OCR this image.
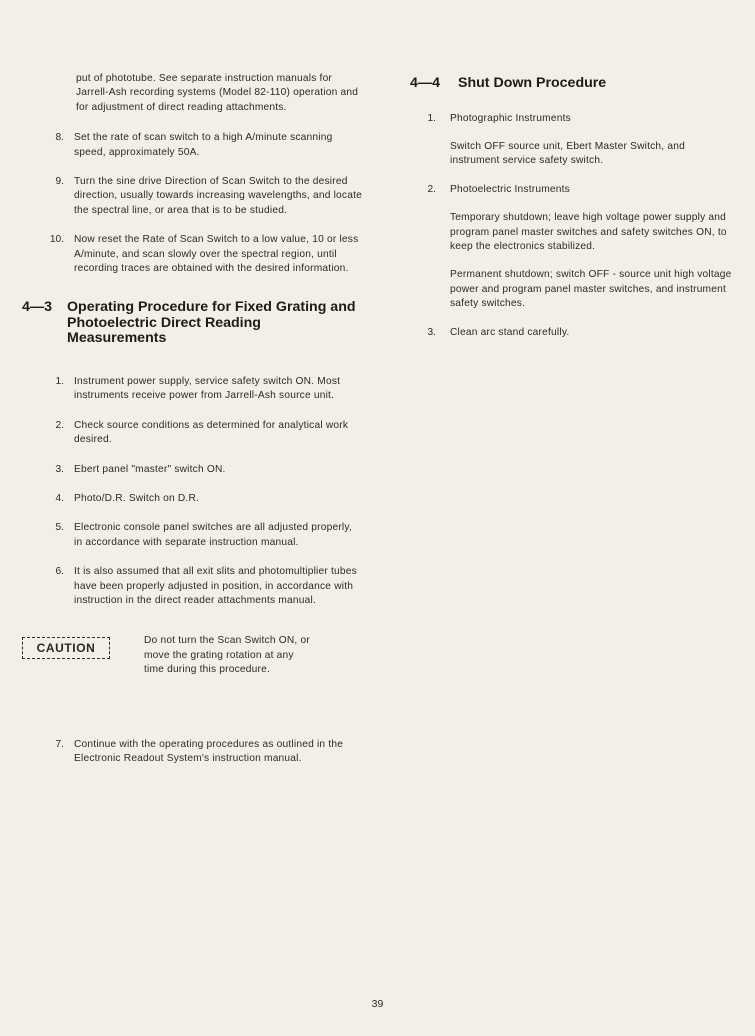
put of phototube. See separate instruction manuals for Jarrell-Ash recording systems (Model 82-110) operation and for adjustment of direct reading attachments.
8. Set the rate of scan switch to a high A/minute scanning speed, approximately 50A.
9. Turn the sine drive Direction of Scan Switch to the desired direction, usually towards increasing wavelengths, and locate the spectral line, or area that is to be studied.
10. Now reset the Rate of Scan Switch to a low value, 10 or less A/minute, and scan slowly over the spectral region, until recording traces are obtained with the desired information.
4—3	Operating Procedure for Fixed Grating and Photoelectric Direct Reading Measurements
1. Instrument power supply, service safety switch ON. Most instruments receive power from Jarrell-Ash source unit.
2. Check source conditions as determined for analytical work desired.
3. Ebert panel "master" switch ON.
4. Photo/D.R. Switch on D.R.
5. Electronic console panel switches are all adjusted properly, in accordance with separate instruction manual.
6. It is also assumed that all exit slits and photomultiplier tubes have been properly adjusted in position, in accordance with instruction in the direct reader attachments manual.
CAUTION
Do not turn the Scan Switch ON, or move the grating rotation at any time during this procedure.
7. Continue with the operating procedures as outlined in the Electronic Readout System's instruction manual.
4—4	Shut Down Procedure
1.	Photographic Instruments

Switch OFF source unit, Ebert Master Switch, and instrument service safety switch.

2.	Photoelectric Instruments

Temporary shutdown; leave high voltage power supply and program panel master switches and safety switches ON, to keep the electronics stabilized.

Permanent shutdown; switch OFF - source unit high voltage power and program panel master switches, and instrument safety switches.

3.	Clean arc stand carefully.

39
